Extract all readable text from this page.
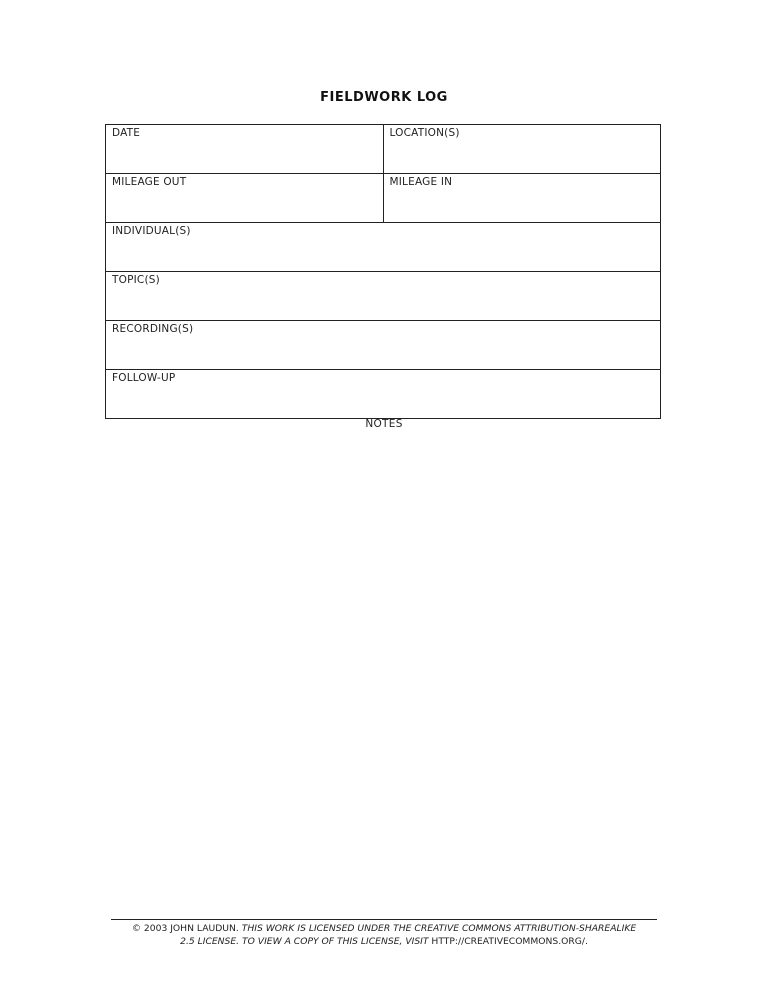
FIELDWORK LOG
DATE	LOCATION(S)
MILEAGE OUT	MILEAGE IN
INDIVIDUAL(S)	
TOPIC(S)	
RECORDING(S)	
FOLLOW-UP	
NOTES
© 2003 JOHN LAUDUN. THIS WORK IS LICENSED UNDER THE CREATIVE COMMONS ATTRIBUTION-SHAREALIKE
2.5 LICENSE. TO VIEW A COPY OF THIS LICENSE, VISIT HTTP://CREATIVECOMMONS.ORG/.
